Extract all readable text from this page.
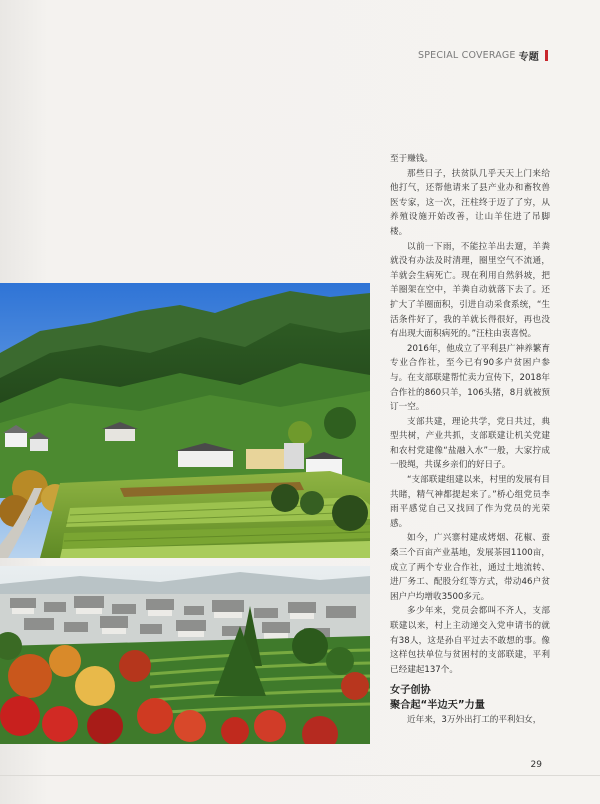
SPECIAL COVERAGE 专题

至于赚钱。

那些日子，扶贫队几乎天天上门来给他打气，还帮他请来了县产业办和畜牧兽医专家，这一次，汪柱终于迈了了穷，从养殖设施开始改善，让山羊住进了吊脚楼。

以前一下雨，不能拉羊出去遛，羊粪就没有办法及时清理，圈里空气不流通，羊就会生病死亡。现在利用自然斜坡，把羊圈架在空中，羊粪自动就落下去了。还扩大了羊圈面积，引进自动采食系统，“生活条件好了，我的羊就长得很好，再也没有出现大面积病死的。”汪柱由衷喜悦。

2016年，他成立了平利县广神养繁育专业合作社，至今已有90多户贫困户参与。在支部联建帮忙卖力宣传下，2018年合作社的860只羊，106头猪，8月就被预订一空。

支部共建，理论共学，党日共过，典型共树，产业共抓，支部联建让机关党建和农村党建像“盐融入水”一般，大家拧成一股绳，共谋乡亲们的好日子。

“支部联建组建以来，村里的发展有目共睹，精气神都提起来了。”桥心组党员李雨平感觉自己又找回了作为党员的光荣感。

如今，广兴寨村建成烤烟、花椒、蚕桑三个百亩产业基地，发展茶园1100亩，成立了两个专业合作社，通过土地流转、进厂务工、配股分红等方式，带动46户贫困户户均增收3500多元。

多少年来，党员会都叫不齐人，支部联建以来，村上主动递交入党申请书的就有38人，这是孙自平过去不敢想的事。像这样包扶单位与贫困村的支部联建，平利已经建起137个。

女子创协
聚合起“半边天”力量

近年来，3万外出打工的平利妇女，

29
